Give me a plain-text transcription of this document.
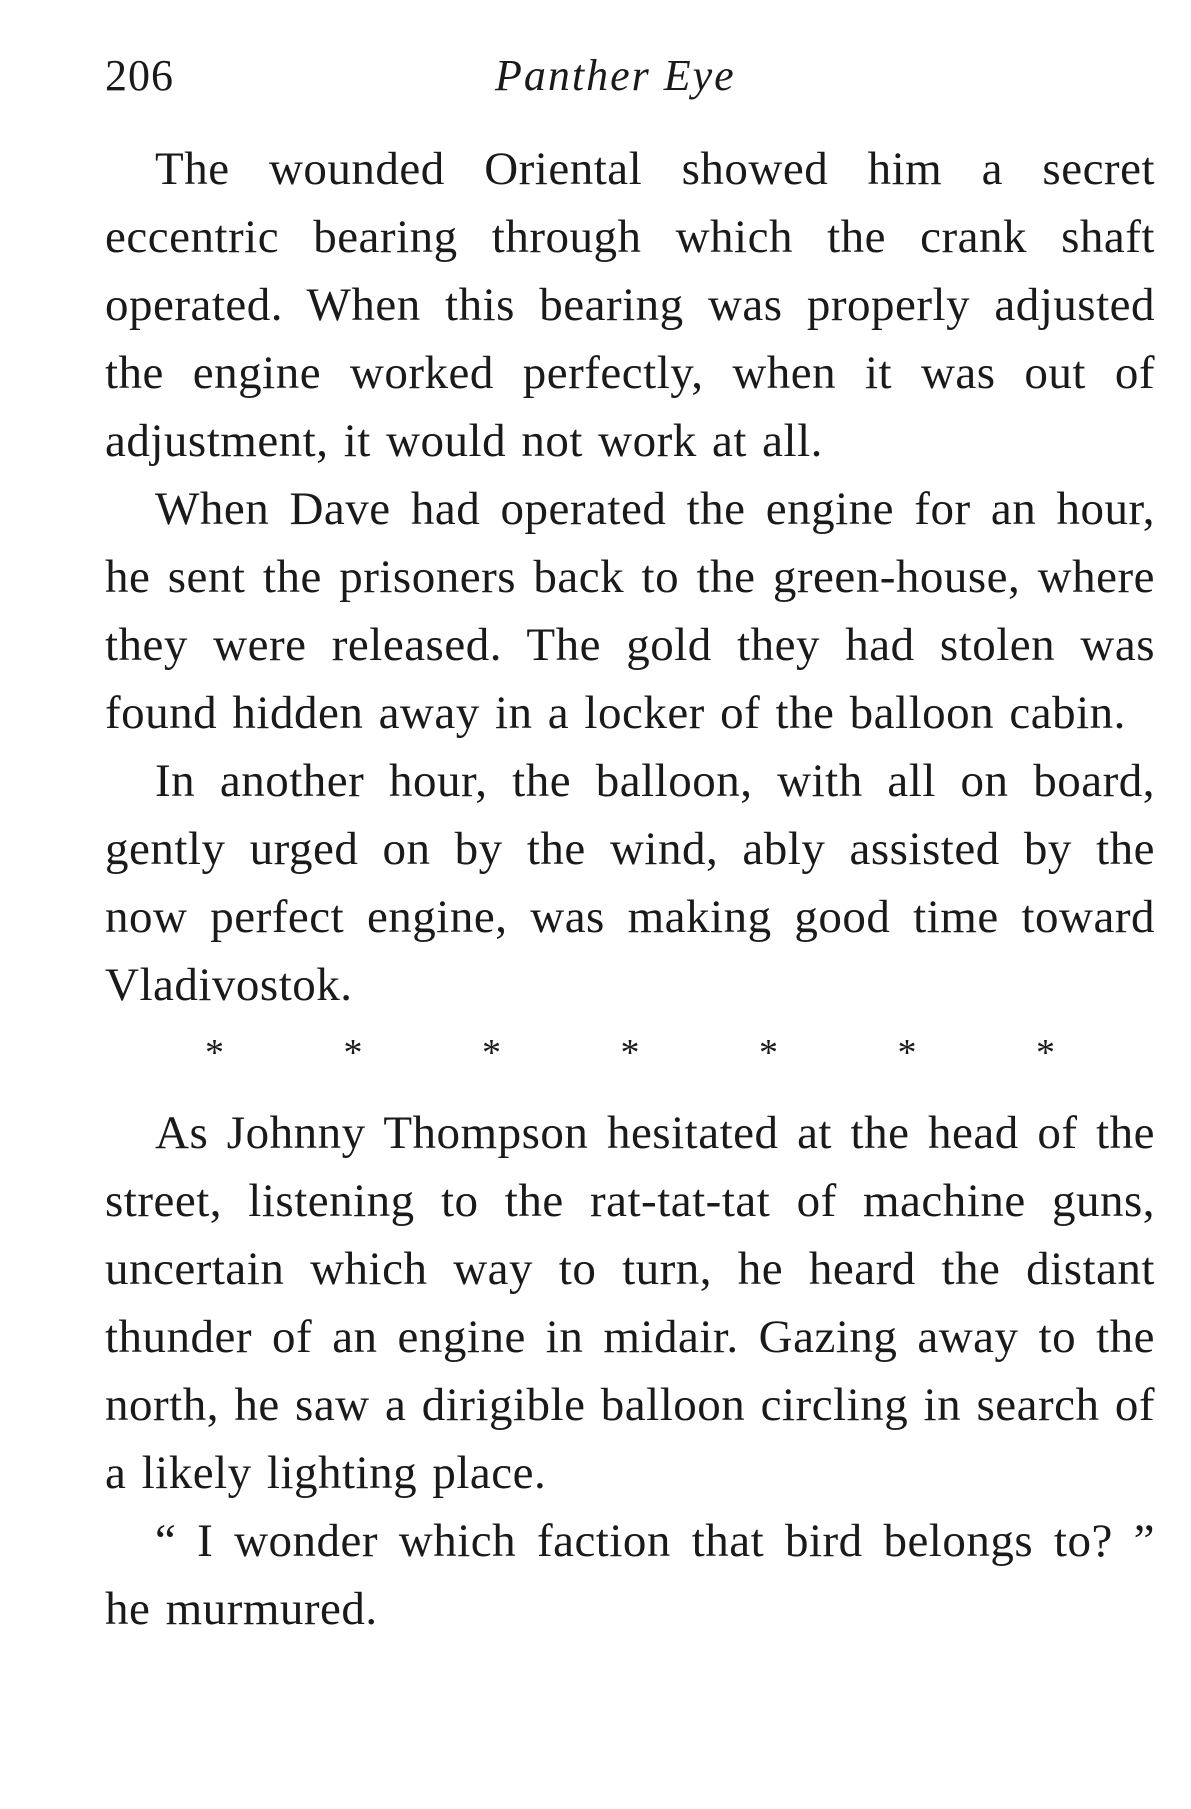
206	Panther Eye

The wounded Oriental showed him a secret eccentric bearing through which the crank shaft operated. When this bearing was properly adjusted the engine worked perfectly, when it was out of adjustment, it would not work at all.

When Dave had operated the engine for an hour, he sent the prisoners back to the green-house, where they were released. The gold they had stolen was found hidden away in a locker of the balloon cabin.

In another hour, the balloon, with all on board, gently urged on by the wind, ably assisted by the now perfect engine, was making good time toward Vladivostok.

*	*	*	*	*	*	*

As Johnny Thompson hesitated at the head of the street, listening to the rat-tat-tat of machine guns, uncertain which way to turn, he heard the distant thunder of an engine in midair. Gazing away to the north, he saw a dirigible balloon circling in search of a likely lighting place.

“ I wonder which faction that bird belongs to? ” he murmured.
